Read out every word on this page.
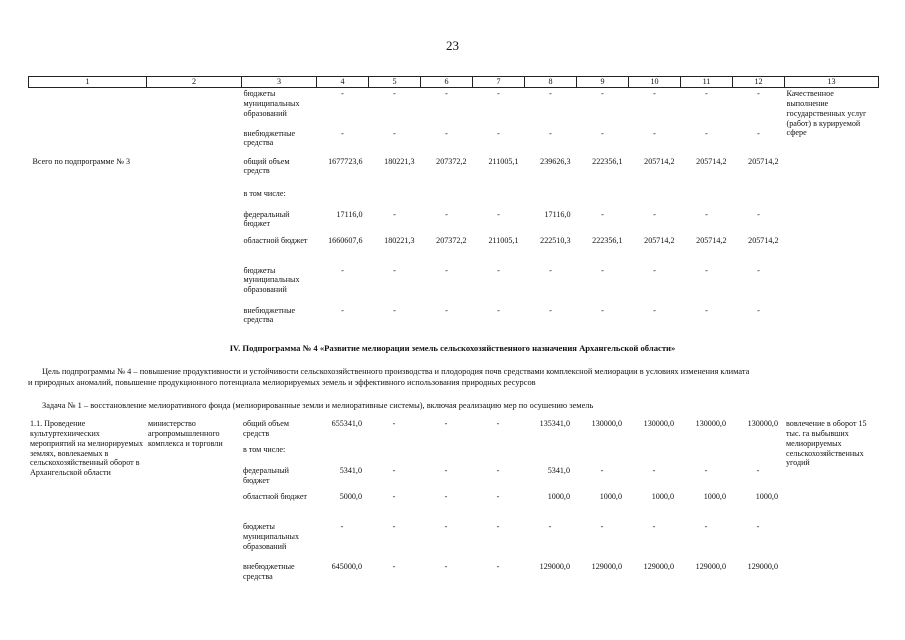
23
1	2	3	4	5	6	7	8	9	10	11	12	13
		бюджеты муниципальных образований	-	-	-	-	-	-	-	-	-	Качественное выполнение государственных услуг (работ) в курируемой сфере
		внебюджетные средства	-	-	-	-	-	-	-	-	-	
Всего по подпрограмме № 3		общий объем средств	1677723,6	180221,3	207372,2	211005,1	239626,3	222356,1	205714,2	205714,2	205714,2	
		в том числе:										
		федеральный бюджет	17116,0	-	-	-	17116,0	-	-	-	-	
		областной бюджет	1660607,6	180221,3	207372,2	211005,1	222510,3	222356,1	205714,2	205714,2	205714,2	
		бюджеты муниципальных образований	-	-	-	-	-	-	-	-	-	
		внебюджетные средства	-	-	-	-	-	-	-	-	-	
IV. Подпрограмма № 4 «Развитие мелиорации земель сельскохозяйственного назначения Архангельской области»
Цель подпрограммы № 4 – повышение продуктивности и устойчивости сельскохозяйственного производства и плодородия почв средствами комплексной мелиорации в условиях изменения климата
и природных аномалий, повышение продукционного потенциала мелиорируемых земель и эффективного использования природных ресурсов
Задача № 1 – восстановление мелиоративного фонда (мелиорированные земли и мелиоративные системы), включая реализацию мер по осушению земель
1.1. Проведение культуртехнических мероприятий на мелиорируемых землях, вовлекаемых в сельскохозяйственный оборот в Архангельской области	министерство агропромышленного комплекса и торговли	общий объем средств	655341,0	-	-	-	135341,0	130000,0	130000,0	130000,0	130000,0	вовлечение в оборот 15 тыс. га выбывших мелиорируемых сельскохозяйственных угодий
		в том числе:										
		федеральный бюджет	5341,0	-	-	-	5341,0	-	-	-	-	
		областной бюджет	5000,0	-	-	-	1000,0	1000,0	1000,0	1000,0	1000,0	
		бюджеты муниципальных образований	-	-	-	-	-	-	-	-	-	
		внебюджетные средства	645000,0	-	-	-	129000,0	129000,0	129000,0	129000,0	129000,0	
